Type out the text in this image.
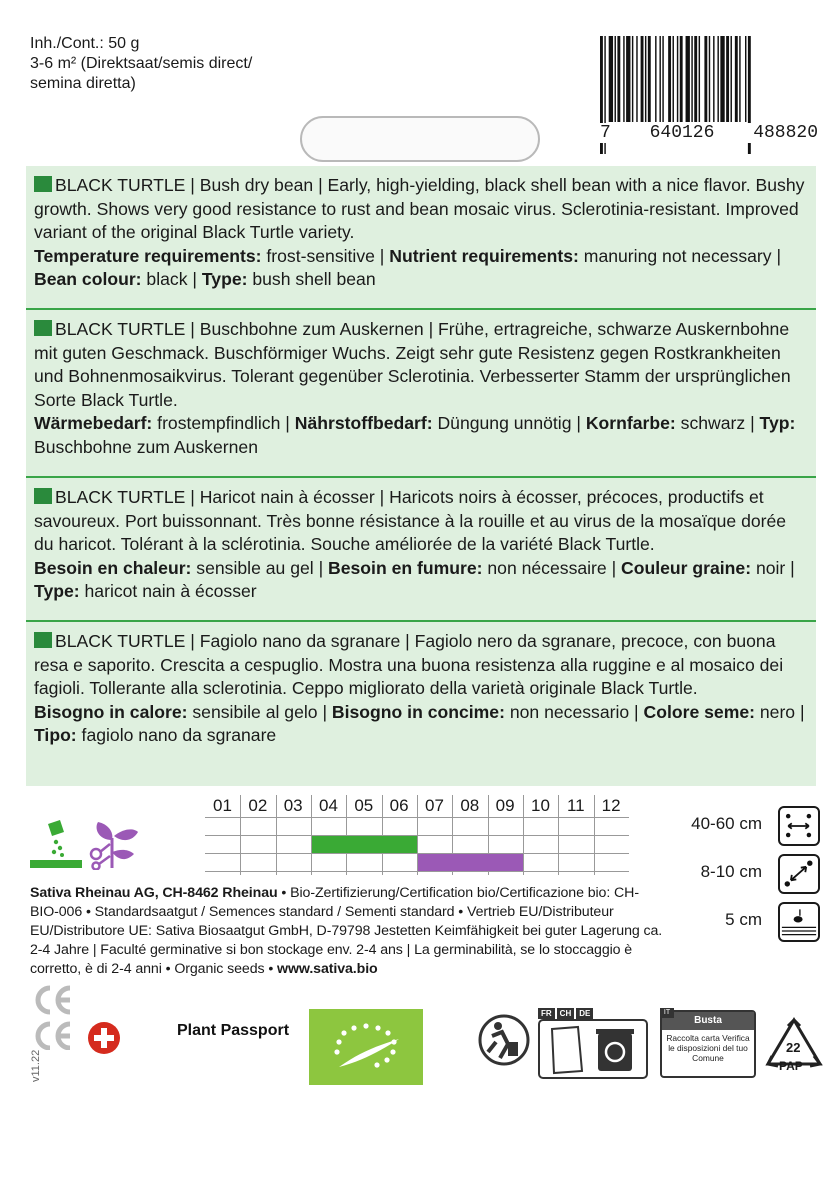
Inh./Cont.: 50 g
3-6 m² (Direktsaat/semis direct/
semina diretta)
7 640126 488820
BLACK TURTLE | Bush dry bean | Early, high-yielding, black shell bean with a nice flavor. Bushy growth. Shows very good resistance to rust and bean mosaic virus. Sclerotinia-resistant. Improved variant of the original Black Turtle variety.
Temperature requirements: frost-sensitive | Nutrient requirements: manuring not necessary | Bean colour: black | Type: bush shell bean
BLACK TURTLE | Buschbohne zum Auskernen | Frühe, ertragreiche, schwarze Auskernbohne mit guten Geschmack. Buschförmiger Wuchs. Zeigt sehr gute Resistenz gegen Rostkrankheiten und Bohnenmosaikvirus. Tolerant gegenüber Sclerotinia. Verbesserter Stamm der ursprünglichen Sorte Black Turtle.
Wärmebedarf: frostempfindlich | Nährstoffbedarf: Düngung unnötig | Kornfarbe: schwarz | Typ: Buschbohne zum Auskernen
BLACK TURTLE | Haricot nain à écosser | Haricots noirs à écosser, précoces, productifs et savoureux. Port buissonnant. Très bonne résistance à la rouille et au virus de la mosaïque dorée du haricot. Tolérant à la sclérotinia. Souche améliorée de la variété Black Turtle.
Besoin en chaleur: sensible au gel | Besoin en fumure: non nécessaire | Couleur graine: noir | Type: haricot nain à écosser
BLACK TURTLE | Fagiolo nano da sgranare | Fagiolo nero da sgranare, precoce, con buona resa e saporito. Crescita a cespuglio. Mostra una buona resistenza alla ruggine e al mosaico dei fagioli. Tollerante alla sclerotinia. Ceppo migliorato della varietà originale Black Turtle.
Bisogno in calore: sensibile al gelo | Bisogno in concime: non necessario | Colore seme: nero | Tipo: fagiolo nano da sgranare
01 02 03 04 05 06 07 08 09 10	11	12
40-60 cm
8-10 cm
5 cm
Sativa Rheinau AG, CH-8462 Rheinau • Bio-Zertifizierung/Certification bio/Certificazione bio: CH-BIO-006 • Standardsaatgut / Semences standard / Sementi standard • Vertrieb EU/Distributeur EU/Distributore UE: Sativa Biosaatgut GmbH, D-79798 Jestetten Keimfähigkeit bei guter Lagerung ca. 2-4 Jahre | Faculté germinative si bon stockage env. 2-4 ans | La germinabilità, se lo stoccaggio è corretto, è di 2-4 anni • Organic seeds • www.sativa.bio
v11.22
Plant Passport
FR	CH	DE
Busta
Raccolta carta Verifica le disposizioni del tuo Comune
IT
22
PAP
